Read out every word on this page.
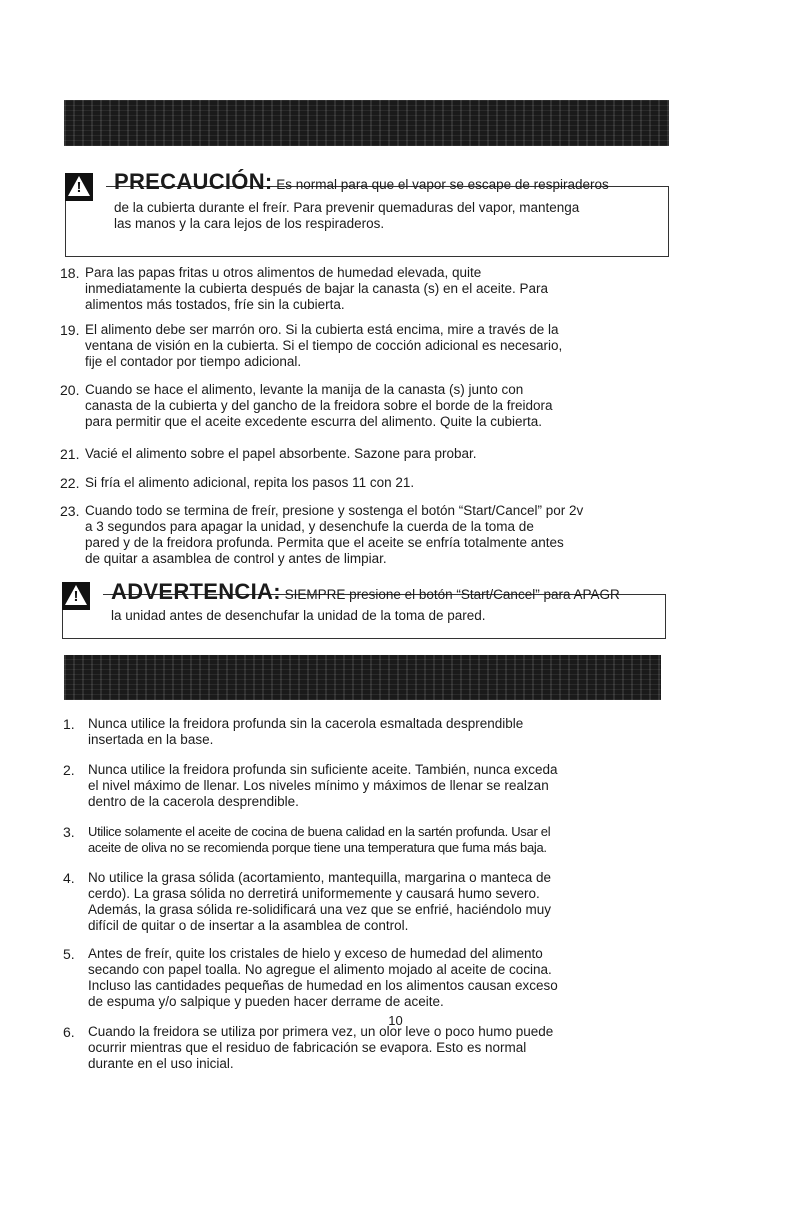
!	PRECAUCIÓN: Es normal para que el vapor se escape de respiraderos
de la cubierta durante el freír. Para prevenir quemaduras del vapor, mantenga
las manos y la cara lejos de los respiraderos.
18. Para las papas fritas u otros alimentos de humedad elevada, quite
inmediatamente la cubierta después de bajar la canasta (s) en el aceite. Para
alimentos más tostados, fríe sin la cubierta.
19. El alimento debe ser marrón oro. Si la cubierta está encima, mire a través de la
ventana de visión en la cubierta. Si el tiempo de cocción adicional es necesario,
fije el contador por tiempo adicional.
20. Cuando se hace el alimento, levante la manija de la canasta (s) junto con
canasta de la cubierta y del gancho de la freidora sobre el borde de la freidora
para permitir que el aceite excedente escurra del alimento. Quite la cubierta.
21. Vacié el alimento sobre el papel absorbente. Sazone para probar.
22. Si fría el alimento adicional, repita los pasos 11 con 21.
23. Cuando todo se termina de freír, presione y sostenga el botón “Start/Cancel” por 2v
a 3 segundos para apagar la unidad, y desenchufe la cuerda de la toma de
pared y de la freidora profunda. Permita que el aceite se enfría totalmente antes
de quitar a asamblea de control y antes de limpiar.
!	ADVERTENCIA: SIEMPRE presione el botón “Start/Cancel” para APAGR
la unidad antes de desenchufar la unidad de la toma de pared.
1. Nunca utilice la freidora profunda sin la cacerola esmaltada desprendible
insertada en la base.
2. Nunca utilice la freidora profunda sin suficiente aceite. También, nunca exceda
el nivel máximo de llenar. Los niveles mínimo y máximos de llenar se realzan
dentro de la cacerola desprendible.
3. Utilice solamente el aceite de cocina de buena calidad en la sartén profunda. Usar el
aceite de oliva no se recomienda porque tiene una temperatura que fuma más baja.
4. No utilice la grasa sólida (acortamiento, mantequilla, margarina o manteca de
cerdo). La grasa sólida no derretirá uniformemente y causará humo severo.
Además, la grasa sólida re-solidificará una vez que se enfrié, haciéndolo muy
difícil de quitar o de insertar a la asamblea de control.
5. Antes de freír, quite los cristales de hielo y exceso de humedad del alimento
secando con papel toalla. No agregue el alimento mojado al aceite de cocina.
Incluso las cantidades pequeñas de humedad en los alimentos causan exceso
de espuma y/o salpique y pueden hacer derrame de aceite.
6. Cuando la freidora se utiliza por primera vez, un olor leve o poco humo puede
ocurrir mientras que el residuo de fabricación se evapora. Esto es normal
durante en el uso inicial.
10
